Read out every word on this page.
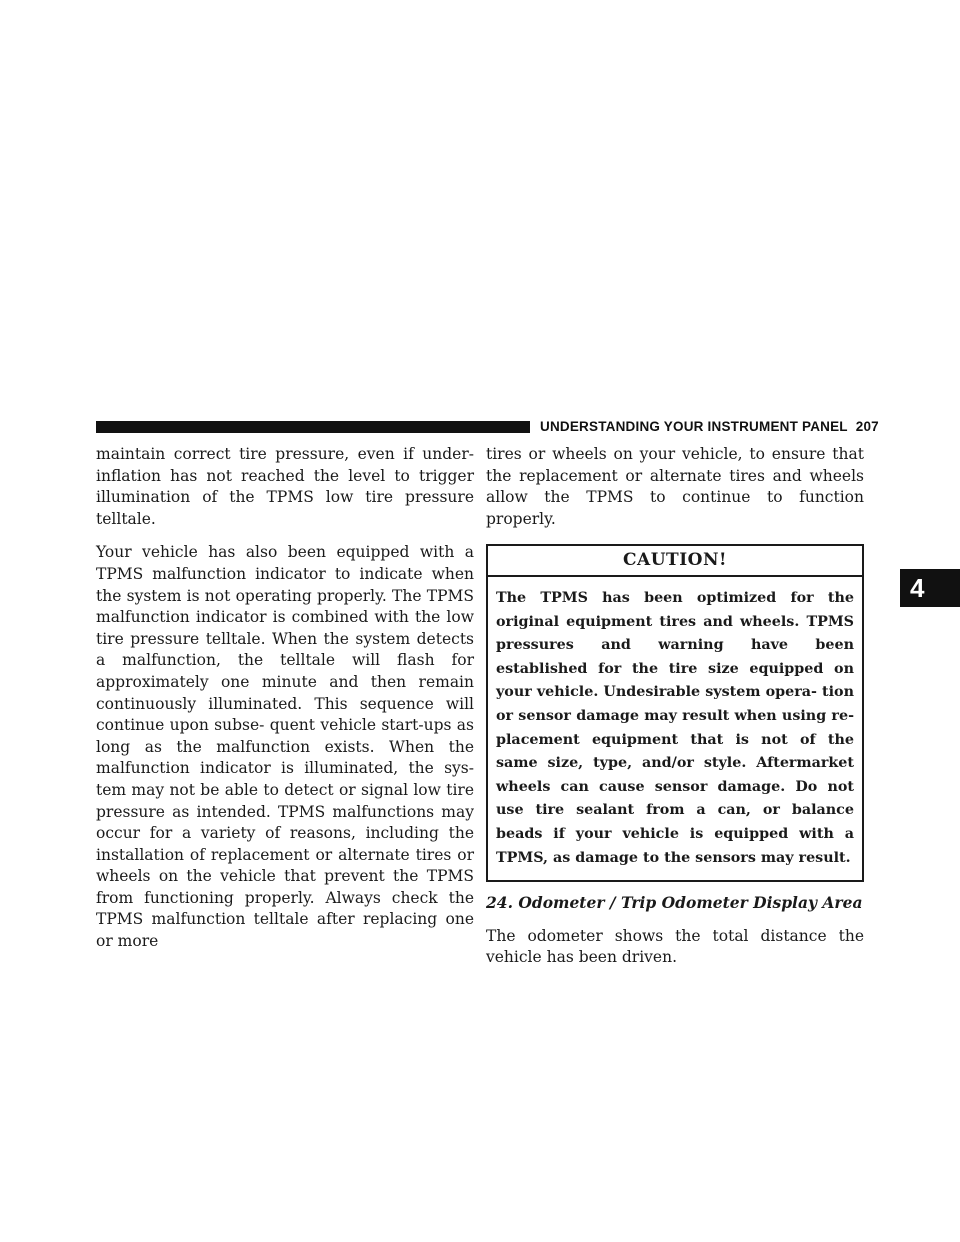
UNDERSTANDING YOUR INSTRUMENT PANEL 207

maintain correct tire pressure, even if under-inflation has not reached the level to trigger illumination of the TPMS low tire pressure telltale.

Your vehicle has also been equipped with a TPMS malfunction indicator to indicate when the system is not operating properly. The TPMS malfunction indicator is combined with the low tire pressure telltale. When the system detects a malfunction, the telltale will flash for approximately one minute and then remain continuously illuminated. This sequence will continue upon subse- quent vehicle start-ups as long as the malfunction exists. When the malfunction indicator is illuminated, the sys- tem may not be able to detect or signal low tire pressure as intended. TPMS malfunctions may occur for a variety of reasons, including the installation of replacement or alternate tires or wheels on the vehicle that prevent the TPMS from functioning properly. Always check the TPMS malfunction telltale after replacing one or more

tires or wheels on your vehicle, to ensure that the replacement or alternate tires and wheels allow the TPMS to continue to function properly.

CAUTION!
The TPMS has been optimized for the original equipment tires and wheels. TPMS pressures and warning have been established for the tire size equipped on your vehicle. Undesirable system opera- tion or sensor damage may result when using re- placement equipment that is not of the same size, type, and/or style. Aftermarket wheels can cause sensor damage. Do not use tire sealant from a can, or balance beads if your vehicle is equipped with a TPMS, as damage to the sensors may result.

24. Odometer / Trip Odometer Display Area

The odometer shows the total distance the vehicle has been driven.

4
